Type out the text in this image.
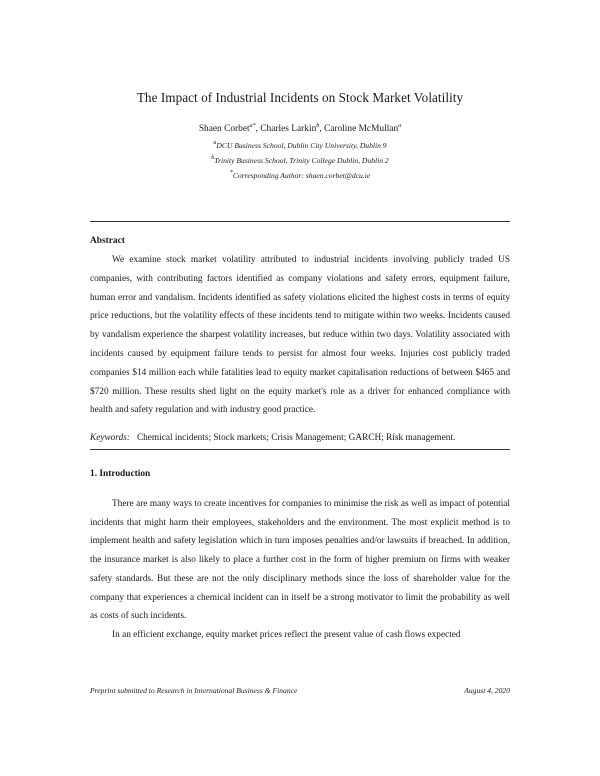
The Impact of Industrial Incidents on Stock Market Volatility
Shaen Corbet$^{a*}$, Charles Larkin$^b$, Caroline McMullan$^a$
$^a$DCU Business School, Dublin City University, Dublin 9
$^b$Trinity Business School, Trinity College Dublin, Dublin 2
*Corresponding Author: shaen.corbet@dcu.ie
Abstract

We examine stock market volatility attributed to industrial incidents involving publicly traded US companies, with contributing factors identified as company violations and safety errors, equipment failure, human error and vandalism. Incidents identified as safety violations elicited the highest costs in terms of equity price reductions, but the volatility effects of these incidents tend to mitigate within two weeks. Incidents caused by vandalism experience the sharpest volatility increases, but reduce within two days. Volatility associated with incidents caused by equipment failure tends to persist for almost four weeks. Injuries cost publicly traded companies $14 million each while fatalities lead to equity market capitalisation reductions of between $465 and $720 million. These results shed light on the equity market's role as a driver for enhanced compliance with health and safety regulation and with industry good practice.

Keywords: Chemical incidents; Stock markets; Crisis Management; GARCH; Risk management.
1. Introduction

There are many ways to create incentives for companies to minimise the risk as well as impact of potential incidents that might harm their employees, stakeholders and the environment. The most explicit method is to implement health and safety legislation which in turn imposes penalties and/or lawsuits if breached. In addition, the insurance market is also likely to place a further cost in the form of higher premium on firms with weaker safety standards. But these are not the only disciplinary methods since the loss of shareholder value for the company that experiences a chemical incident can in itself be a strong motivator to limit the probability as well as costs of such incidents.

In an efficient exchange, equity market prices reflect the present value of cash flows expected

Preprint submitted to Research in International Business & Finance	August 4, 2020
